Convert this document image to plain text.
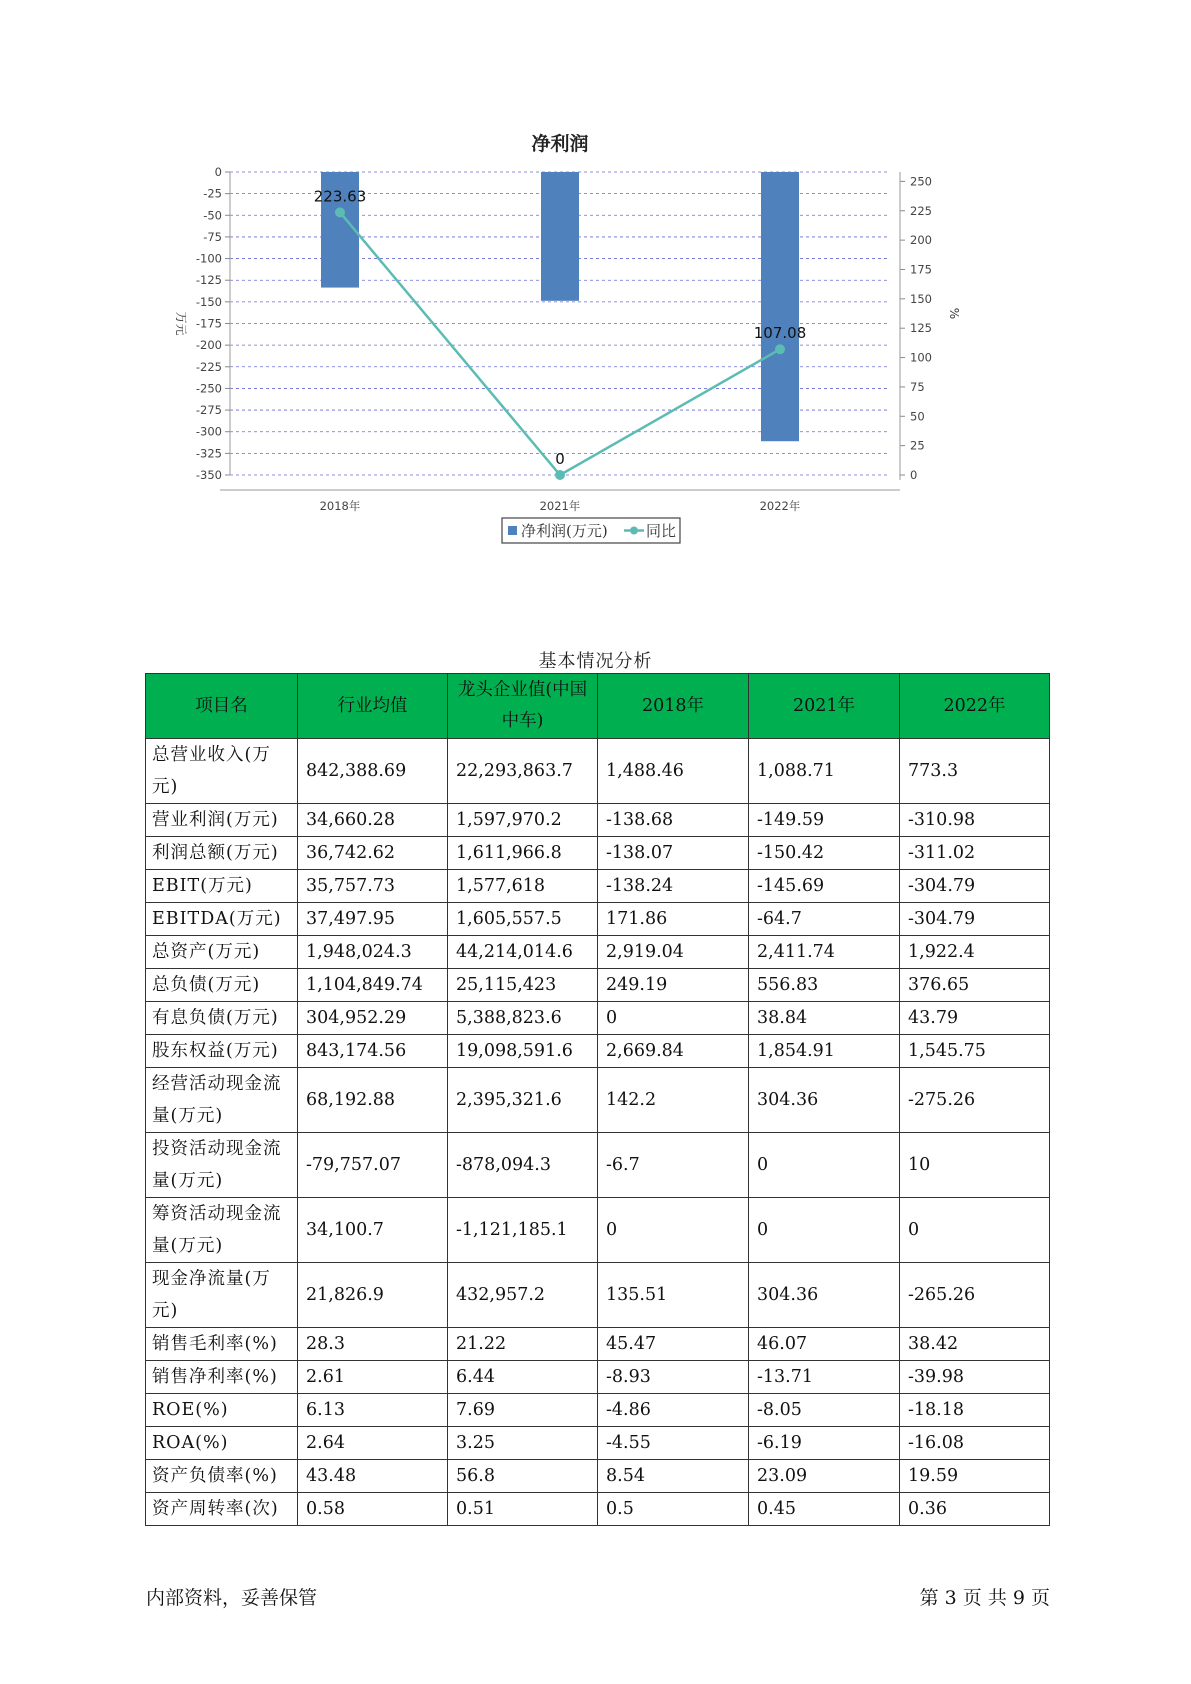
净利润
0
-25
-50
-75
-100
-125
-150
-175
-200
-225
-250
-275
-300
-325
-350
250
225
200
175
150
125
100
75
50
25
0
万元	%
2018年	2021年	2022年
223.63
0
107.08
净利润(万元)	同比
基本情况分析
项目名	行业均值	龙头企业值(中国中车)	2018年	2021年	2022年
总营业收入(万元)	842,388.69	22,293,863.7	1,488.46	1,088.71	773.3
营业利润(万元)	34,660.28	1,597,970.2	-138.68	-149.59	-310.98
利润总额(万元)	36,742.62	1,611,966.8	-138.07	-150.42	-311.02
EBIT(万元)	35,757.73	1,577,618	-138.24	-145.69	-304.79
EBITDA(万元)	37,497.95	1,605,557.5	171.86	-64.7	-304.79
总资产(万元)	1,948,024.3	44,214,014.6	2,919.04	2,411.74	1,922.4
总负债(万元)	1,104,849.74	25,115,423	249.19	556.83	376.65
有息负债(万元)	304,952.29	5,388,823.6	0	38.84	43.79
股东权益(万元)	843,174.56	19,098,591.6	2,669.84	1,854.91	1,545.75
经营活动现金流量(万元)	68,192.88	2,395,321.6	142.2	304.36	-275.26
投资活动现金流量(万元)	-79,757.07	-878,094.3	-6.7	0	10
筹资活动现金流量(万元)	34,100.7	-1,121,185.1	0	0	0
现金净流量(万元)	21,826.9	432,957.2	135.51	304.36	-265.26
销售毛利率(%)	28.3	21.22	45.47	46.07	38.42
销售净利率(%)	2.61	6.44	-8.93	-13.71	-39.98
ROE(%)	6.13	7.69	-4.86	-8.05	-18.18
ROA(%)	2.64	3.25	-4.55	-6.19	-16.08
资产负债率(%)	43.48	56.8	8.54	23.09	19.59
资产周转率(次)	0.58	0.51	0.5	0.45	0.36
内部资料，妥善保管	第 3 页 共 9 页
